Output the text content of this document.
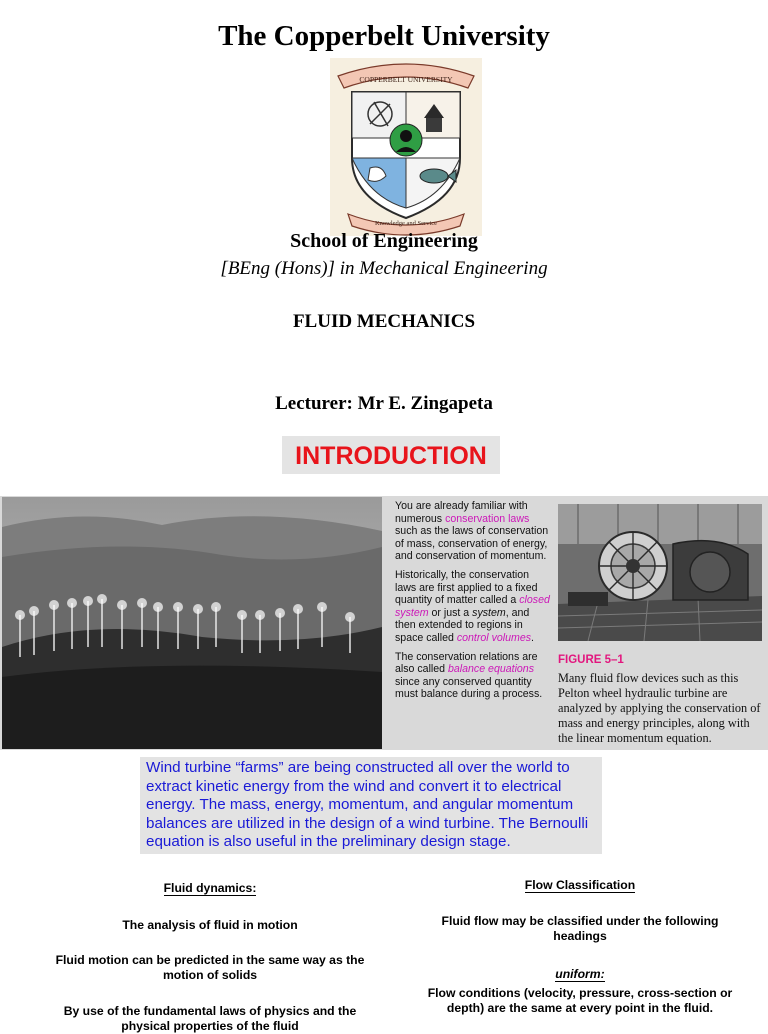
The Copperbelt University
COPPERBELT UNIVERSITY
Knowledge and Service
School of Engineering
[BEng (Hons)] in Mechanical Engineering
FLUID MECHANICS
Lecturer: Mr E. Zingapeta
INTRODUCTION

You are already familiar with numerous conservation laws such as the laws of conservation of mass, conservation of energy, and conservation of momentum.

Historically, the conservation laws are first applied to a fixed quantity of matter called a closed system or just a system, and then extended to regions in space called control volumes.

The conservation relations are also called balance equations since any conserved quantity must balance during a process.

FIGURE 5–1
Many fluid flow devices such as this Pelton wheel hydraulic turbine are analyzed by applying the conservation of mass and energy principles, along with the linear momentum equation.
Wind turbine “farms” are being constructed all over the world to extract kinetic energy from the wind and convert it to electrical energy. The mass, energy, momentum, and angular momentum balances are utilized in the design of a wind turbine. The Bernoulli equation is also useful in the preliminary design stage.
Fluid dynamics:
The analysis of fluid in motion
Fluid motion can be predicted in the same way as the motion of solids
By use of the fundamental laws of physics and the physical properties of the fluid
Flow Classification
Fluid flow may be classified under the following headings
uniform:
Flow conditions (velocity, pressure, cross-section or depth) are the same at every point in the fluid.
